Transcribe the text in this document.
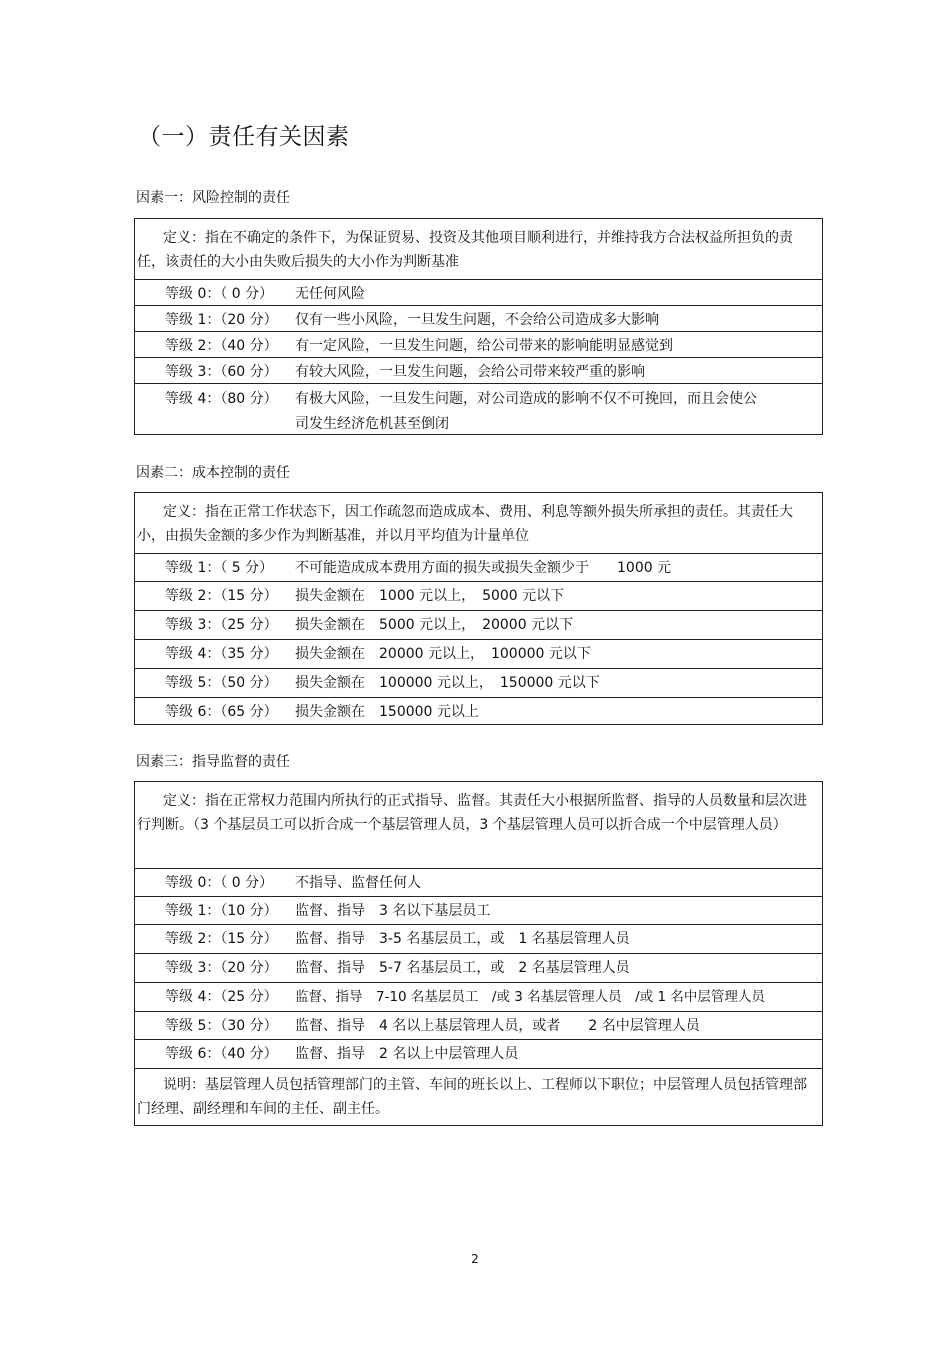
（一）责任有关因素
因素一：风险控制的责任
定义：指在不确定的条件下，为保证贸易、投资及其他项目顺利进行，并维持我方合法权益所担负的责任，该责任的大小由失败后损失的大小作为判断基准
等级 0：（ 0 分）	无任何风险
等级 1：（20 分）	仅有一些小风险，一旦发生问题，不会给公司造成多大影响
等级 2：（40 分）	有一定风险，一旦发生问题，给公司带来的影响能明显感觉到
等级 3：（60 分）	有较大风险，一旦发生问题，会给公司带来较严重的影响
等级 4：（80 分）	有极大风险，一旦发生问题，对公司造成的影响不仅不可挽回，而且会使公司发生经济危机甚至倒闭
因素二：成本控制的责任
定义：指在正常工作状态下，因工作疏忽而造成成本、费用、利息等额外损失所承担的责任。其责任大小，由损失金额的多少作为判断基准，并以月平均值为计量单位
等级 1：（ 5 分）	不可能造成成本费用方面的损失或损失金额少于　　1000 元
等级 2：（15 分）	损失金额在　1000 元以上，　5000 元以下
等级 3：（25 分）	损失金额在　5000 元以上，　20000 元以下
等级 4：（35 分）	损失金额在　20000 元以上，　100000 元以下
等级 5：（50 分）	损失金额在　100000 元以上，　150000 元以下
等级 6：（65 分）	损失金额在　150000 元以上
因素三：指导监督的责任
定义：指在正常权力范围内所执行的正式指导、监督。其责任大小根据所监督、指导的人员数量和层次进行判断。（3 个基层员工可以折合成一个基层管理人员，3 个基层管理人员可以折合成一个中层管理人员）
等级 0：（ 0 分）	不指导、监督任何人
等级 1：（10 分）	监督、指导　3 名以下基层员工
等级 2：（15 分）	监督、指导　3-5 名基层员工，或　1 名基层管理人员
等级 3：（20 分）	监督、指导　5-7 名基层员工，或　2 名基层管理人员
等级 4：（25 分）	监督、指导　7-10 名基层员工　/或 3 名基层管理人员　/或 1 名中层管理人员
等级 5：（30 分）	监督、指导　4 名以上基层管理人员，或者　　2 名中层管理人员
等级 6：（40 分）	监督、指导　2 名以上中层管理人员
说明：基层管理人员包括管理部门的主管、车间的班长以上、工程师以下职位；中层管理人员包括管理部门经理、副经理和车间的主任、副主任。
2
